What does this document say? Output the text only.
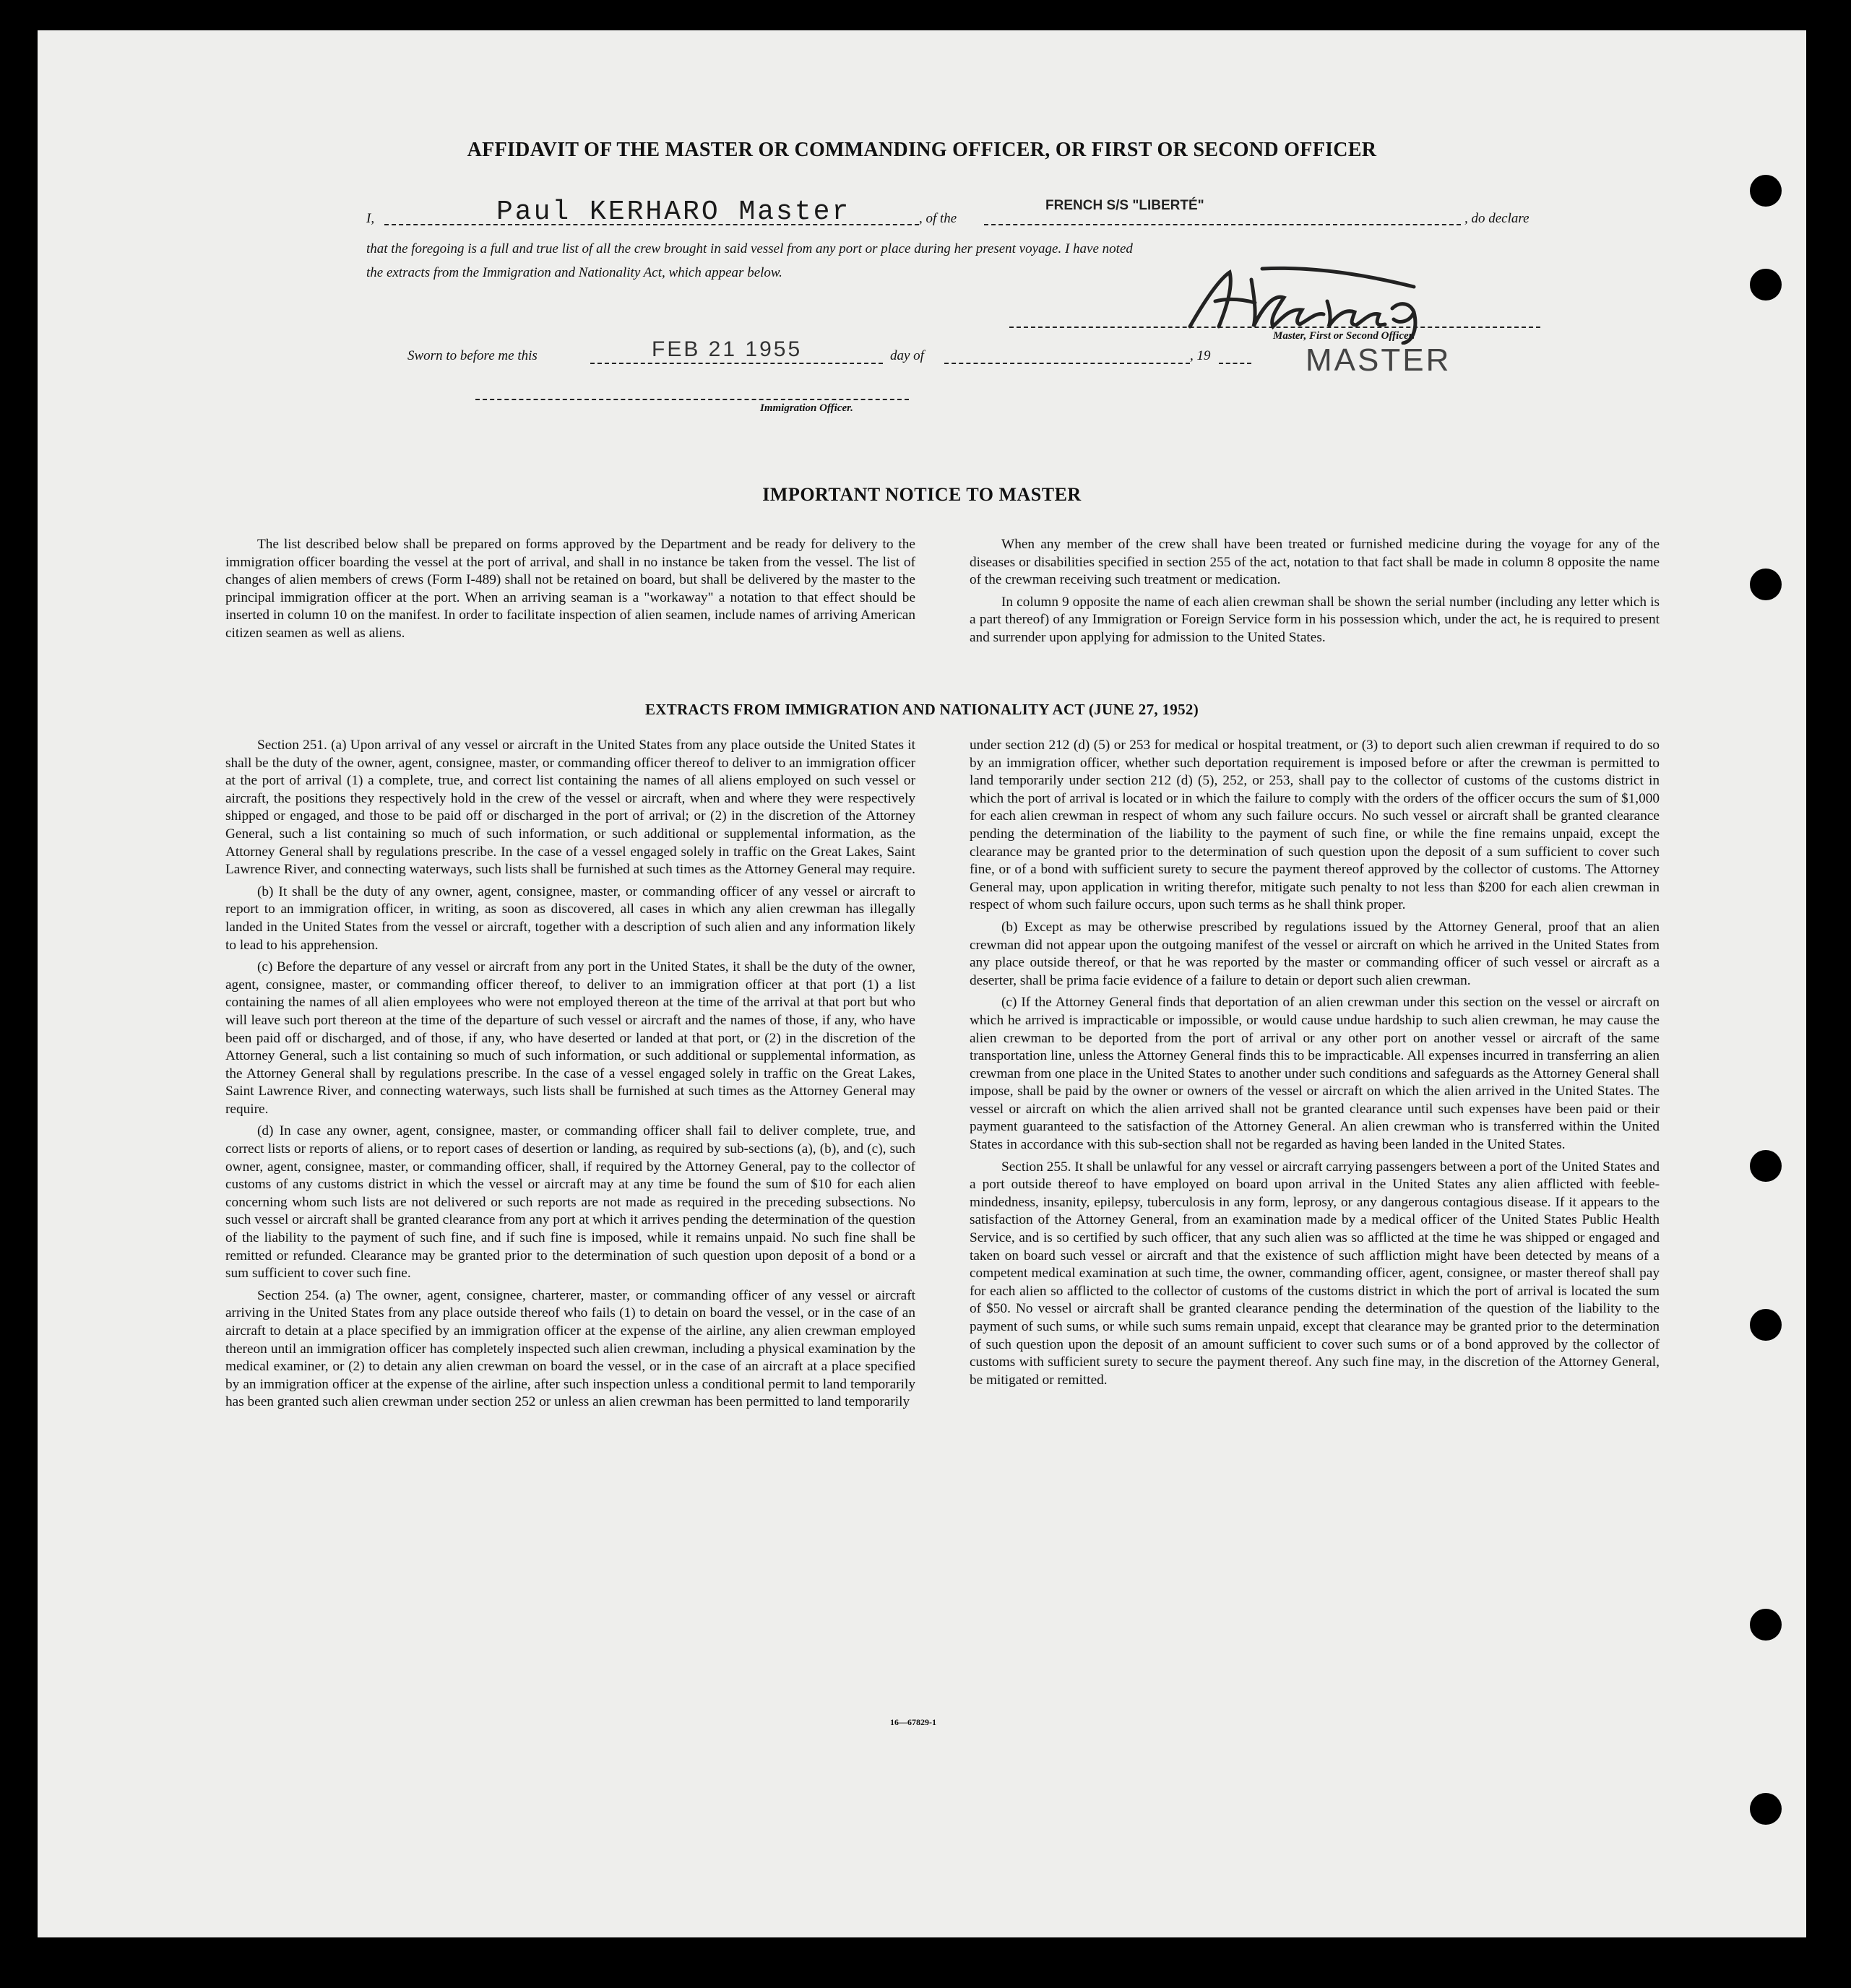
AFFIDAVIT OF THE MASTER OR COMMANDING OFFICER, OR FIRST OR SECOND OFFICER
I,	Paul KERHARO Master	, of the
FRENCH S/S "LIBERTÉ"
, do declare
that the foregoing is a full and true list of all the crew brought in said vessel from any port or place during her present voyage. I have noted
the extracts from the Immigration and Nationality Act, which appear below.
Master, First or Second Officer.
MASTER
Sworn to before me this	FEB 21 1955	day of	, 19
Immigration Officer.
IMPORTANT NOTICE TO MASTER

The list described below shall be prepared on forms approved by the Department and be ready for delivery to the immigration officer boarding the vessel at the port of arrival, and shall in no instance be taken from the vessel. The list of changes of alien members of crews (Form I-489) shall not be retained on board, but shall be delivered by the master to the principal immigration officer at the port. When an arriving seaman is a "workaway" a notation to that effect should be inserted in column 10 on the manifest. In order to facilitate inspection of alien seamen, include names of arriving American citizen seamen as well as aliens.

When any member of the crew shall have been treated or furnished medicine during the voyage for any of the diseases or disabilities specified in section 255 of the act, notation to that fact shall be made in column 8 opposite the name of the crewman receiving such treatment or medication.

In column 9 opposite the name of each alien crewman shall be shown the serial number (including any letter which is a part thereof) of any Immigration or Foreign Service form in his possession which, under the act, he is required to present and surrender upon applying for admission to the United States.

EXTRACTS FROM IMMIGRATION AND NATIONALITY ACT (JUNE 27, 1952)

Section 251. (a) Upon arrival of any vessel or aircraft in the United States from any place outside the United States it shall be the duty of the owner, agent, consignee, master, or commanding officer thereof to deliver to an immigration officer at the port of arrival (1) a complete, true, and correct list containing the names of all aliens employed on such vessel or aircraft, the positions they respectively hold in the crew of the vessel or aircraft, when and where they were respectively shipped or engaged, and those to be paid off or discharged in the port of arrival; or (2) in the discretion of the Attorney General, such a list containing so much of such information, or such additional or supplemental information, as the Attorney General shall by regulations prescribe. In the case of a vessel engaged solely in traffic on the Great Lakes, Saint Lawrence River, and connecting waterways, such lists shall be furnished at such times as the Attorney General may require.

(b) It shall be the duty of any owner, agent, consignee, master, or commanding officer of any vessel or aircraft to report to an immigration officer, in writing, as soon as discovered, all cases in which any alien crewman has illegally landed in the United States from the vessel or aircraft, together with a description of such alien and any information likely to lead to his apprehension.

(c) Before the departure of any vessel or aircraft from any port in the United States, it shall be the duty of the owner, agent, consignee, master, or commanding officer thereof, to deliver to an immigration officer at that port (1) a list containing the names of all alien employees who were not employed thereon at the time of the arrival at that port but who will leave such port thereon at the time of the departure of such vessel or aircraft and the names of those, if any, who have been paid off or discharged, and of those, if any, who have deserted or landed at that port, or (2) in the discretion of the Attorney General, such a list containing so much of such information, or such additional or supplemental information, as the Attorney General shall by regulations prescribe. In the case of a vessel engaged solely in traffic on the Great Lakes, Saint Lawrence River, and connecting waterways, such lists shall be furnished at such times as the Attorney General may require.

(d) In case any owner, agent, consignee, master, or commanding officer shall fail to deliver complete, true, and correct lists or reports of aliens, or to report cases of desertion or landing, as required by sub-sections (a), (b), and (c), such owner, agent, consignee, master, or commanding officer, shall, if required by the Attorney General, pay to the collector of customs of any customs district in which the vessel or aircraft may at any time be found the sum of $10 for each alien concerning whom such lists are not delivered or such reports are not made as required in the preceding subsections. No such vessel or aircraft shall be granted clearance from any port at which it arrives pending the determination of the question of the liability to the payment of such fine, and if such fine is imposed, while it remains unpaid. No such fine shall be remitted or refunded. Clearance may be granted prior to the determination of such question upon deposit of a bond or a sum sufficient to cover such fine.

Section 254. (a) The owner, agent, consignee, charterer, master, or commanding officer of any vessel or aircraft arriving in the United States from any place outside thereof who fails (1) to detain on board the vessel, or in the case of an aircraft to detain at a place specified by an immigration officer at the expense of the airline, any alien crewman employed thereon until an immigration officer has completely inspected such alien crewman, including a physical examination by the medical examiner, or (2) to detain any alien crewman on board the vessel, or in the case of an aircraft at a place specified by an immigration officer at the expense of the airline, after such inspection unless a conditional permit to land temporarily has been granted such alien crewman under section 252 or unless an alien crewman has been permitted to land temporarily

under section 212 (d) (5) or 253 for medical or hospital treatment, or (3) to deport such alien crewman if required to do so by an immigration officer, whether such deportation requirement is imposed before or after the crewman is permitted to land temporarily under section 212 (d) (5), 252, or 253, shall pay to the collector of customs of the customs district in which the port of arrival is located or in which the failure to comply with the orders of the officer occurs the sum of $1,000 for each alien crewman in respect of whom any such failure occurs. No such vessel or aircraft shall be granted clearance pending the determination of the liability to the payment of such fine, or while the fine remains unpaid, except the clearance may be granted prior to the determination of such question upon the deposit of a sum sufficient to cover such fine, or of a bond with sufficient surety to secure the payment thereof approved by the collector of customs. The Attorney General may, upon application in writing therefor, mitigate such penalty to not less than $200 for each alien crewman in respect of whom such failure occurs, upon such terms as he shall think proper.

(b) Except as may be otherwise prescribed by regulations issued by the Attorney General, proof that an alien crewman did not appear upon the outgoing manifest of the vessel or aircraft on which he arrived in the United States from any place outside thereof, or that he was reported by the master or commanding officer of such vessel or aircraft as a deserter, shall be prima facie evidence of a failure to detain or deport such alien crewman.

(c) If the Attorney General finds that deportation of an alien crewman under this section on the vessel or aircraft on which he arrived is impracticable or impossible, or would cause undue hardship to such alien crewman, he may cause the alien crewman to be deported from the port of arrival or any other port on another vessel or aircraft of the same transportation line, unless the Attorney General finds this to be impracticable. All expenses incurred in transferring an alien crewman from one place in the United States to another under such conditions and safeguards as the Attorney General shall impose, shall be paid by the owner or owners of the vessel or aircraft on which the alien arrived in the United States. The vessel or aircraft on which the alien arrived shall not be granted clearance until such expenses have been paid or their payment guaranteed to the satisfaction of the Attorney General. An alien crewman who is transferred within the United States in accordance with this sub-section shall not be regarded as having been landed in the United States.

Section 255. It shall be unlawful for any vessel or aircraft carrying passengers between a port of the United States and a port outside thereof to have employed on board upon arrival in the United States any alien afflicted with feeble-mindedness, insanity, epilepsy, tuberculosis in any form, leprosy, or any dangerous contagious disease. If it appears to the satisfaction of the Attorney General, from an examination made by a medical officer of the United States Public Health Service, and is so certified by such officer, that any such alien was so afflicted at the time he was shipped or engaged and taken on board such vessel or aircraft and that the existence of such affliction might have been detected by means of a competent medical examination at such time, the owner, commanding officer, agent, consignee, or master thereof shall pay for each alien so afflicted to the collector of customs of the customs district in which the port of arrival is located the sum of $50. No vessel or aircraft shall be granted clearance pending the determination of the question of the liability to the payment of such sums, or while such sums remain unpaid, except that clearance may be granted prior to the determination of such question upon the deposit of an amount sufficient to cover such sums or of a bond approved by the collector of customs with sufficient surety to secure the payment thereof. Any such fine may, in the discretion of the Attorney General, be mitigated or remitted.

16—67829-1
